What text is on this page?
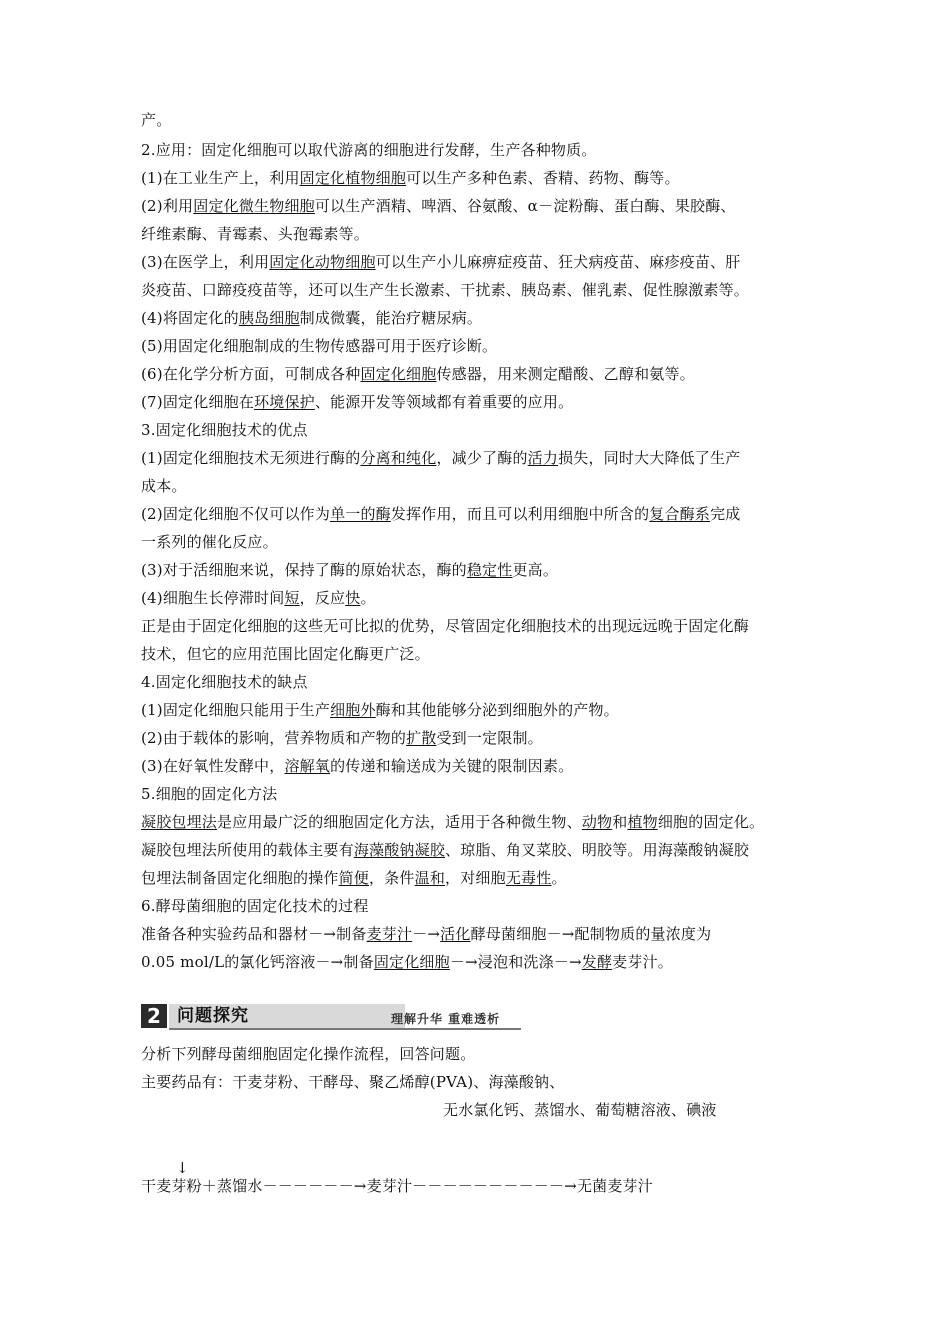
产。
2.应用：固定化细胞可以取代游离的细胞进行发酵，生产各种物质。
(1)在工业生产上，利用固定化植物细胞可以生产多种色素、香精、药物、酶等。
(2)利用固定化微生物细胞可以生产酒精、啤酒、谷氨酸、α－淀粉酶、蛋白酶、果胶酶、
纤维素酶、青霉素、头孢霉素等。
(3)在医学上，利用固定化动物细胞可以生产小儿麻痹症疫苗、狂犬病疫苗、麻疹疫苗、肝
炎疫苗、口蹄疫疫苗等，还可以生产生长激素、干扰素、胰岛素、催乳素、促性腺激素等。
(4)将固定化的胰岛细胞制成微囊，能治疗糖尿病。
(5)用固定化细胞制成的生物传感器可用于医疗诊断。
(6)在化学分析方面，可制成各种固定化细胞传感器，用来测定醋酸、乙醇和氨等。
(7)固定化细胞在环境保护、能源开发等领域都有着重要的应用。
3.固定化细胞技术的优点
(1)固定化细胞技术无须进行酶的分离和纯化，减少了酶的活力损失，同时大大降低了生产
成本。
(2)固定化细胞不仅可以作为单一的酶发挥作用，而且可以利用细胞中所含的复合酶系完成
一系列的催化反应。
(3)对于活细胞来说，保持了酶的原始状态，酶的稳定性更高。
(4)细胞生长停滞时间短，反应快。
正是由于固定化细胞的这些无可比拟的优势，尽管固定化细胞技术的出现远远晚于固定化酶
技术，但它的应用范围比固定化酶更广泛。
4.固定化细胞技术的缺点
(1)固定化细胞只能用于生产细胞外酶和其他能够分泌到细胞外的产物。
(2)由于载体的影响，营养物质和产物的扩散受到一定限制。
(3)在好氧性发酵中，溶解氧的传递和输送成为关键的限制因素。
5.细胞的固定化方法
凝胶包埋法是应用最广泛的细胞固定化方法，适用于各种微生物、动物和植物细胞的固定化。
凝胶包埋法所使用的载体主要有海藻酸钠凝胶、琼脂、角叉菜胶、明胶等。用海藻酸钠凝胶
包埋法制备固定化细胞的操作简便，条件温和，对细胞无毒性。
6.酵母菌细胞的固定化技术的过程
准备各种实验药品和器材－→制备麦芽汁－→活化酵母菌细胞－→配制物质的量浓度为
0.05 mol/L的氯化钙溶液－→制备固定化细胞－→浸泡和洗涤－→发酵麦芽汁。
分析下列酵母菌细胞固定化操作流程，回答问题。
主要药品有：干麦芽粉、干酵母、聚乙烯醇(PVA)、海藻酸钠、
无水氯化钙、蒸馏水、葡萄糖溶液、碘液
干麦芽粉＋蒸馏水－－－－－－→麦芽汁－－－－－－－－－－→无菌麦芽汁
问题探究
2	理解升华 重难透析
↓
